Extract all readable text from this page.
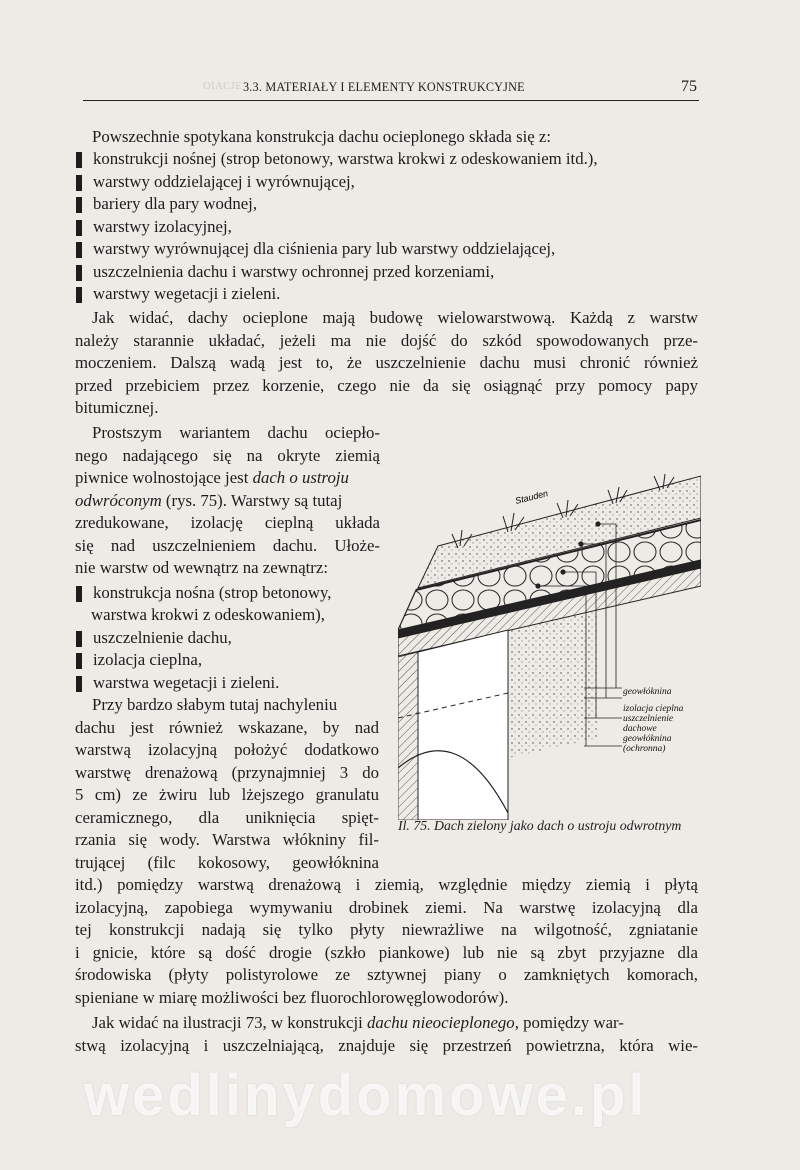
OIACJE 3.3. MATERIAŁY I ELEMENTY KONSTRUKCYJNE	75
Powszechnie spotykana konstrukcja dachu ocieplonego składa się z:
konstrukcji nośnej (strop betonowy, warstwa krokwi z odeskowaniem itd.),
warstwy oddzielającej i wyrównującej,
bariery dla pary wodnej,
warstwy izolacyjnej,
warstwy wyrównującej dla ciśnienia pary lub warstwy oddzielającej,
uszczelnienia dachu i warstwy ochronnej przed korzeniami,
warstwy wegetacji i zieleni.
Jak widać, dachy ocieplone mają budowę wielowarstwową. Każdą z warstw
należy starannie układać, jeżeli ma nie dojść do szkód spowodowanych prze-
moczeniem. Dalszą wadą jest to, że uszczelnienie dachu musi chronić również
przed przebiciem przez korzenie, czego nie da się osiągnąć przy pomocy papy
bitumicznej.
Prostszym wariantem dachu ociepło-
nego nadającego się na okryte ziemią
piwnice wolnostojące jest dach o ustroju
odwróconym (rys. 75). Warstwy są tutaj
zredukowane, izolację cieplną układa
się nad uszczelnieniem dachu. Ułoże-
nie warstw od wewnątrz na zewnątrz:
konstrukcja nośna (strop betonowy,
warstwa krokwi z odeskowaniem),
uszczelnienie dachu,
izolacja cieplna,
warstwa wegetacji i zieleni.
Przy bardzo słabym tutaj nachyleniu
dachu jest również wskazane, by nad
warstwą izolacyjną położyć dodatkowo
warstwę drenażową (przynajmniej 3 do
5 cm) ze żwiru lub lżejszego granulatu
ceramicznego, dla uniknięcia spięt-
rzania się wody. Warstwa włókniny fil-
trującej (filc kokosowy, geowłóknina
itd.) pomiędzy warstwą drenażową i ziemią, względnie między ziemią i płytą
izolacyjną, zapobiega wymywaniu drobinek ziemi. Na warstwę izolacyjną dla
tej konstrukcji nadają się tylko płyty niewrażliwe na wilgotność, zgniatanie
i gnicie, które są dość drogie (szkło piankowe) lub nie są zbyt przyjazne dla
środowiska (płyty polistyrolowe ze sztywnej piany o zamkniętych komorach,
spieniane w miarę możliwości bez fluorochlorowęglowodorów).
Jak widać na ilustracji 73, w konstrukcji dachu nieocieplonego, pomiędzy war-
stwą izolacyjną i uszczelniającą, znajduje się przestrzeń powietrzna, która wie-
Stauden
geowłóknina
izolacja cieplna
uszczelnienie
dachowe
geowłóknina
(ochronna)
Il. 75. Dach zielony jako dach o ustroju odwrotnym
wedlinydomowe.pl
